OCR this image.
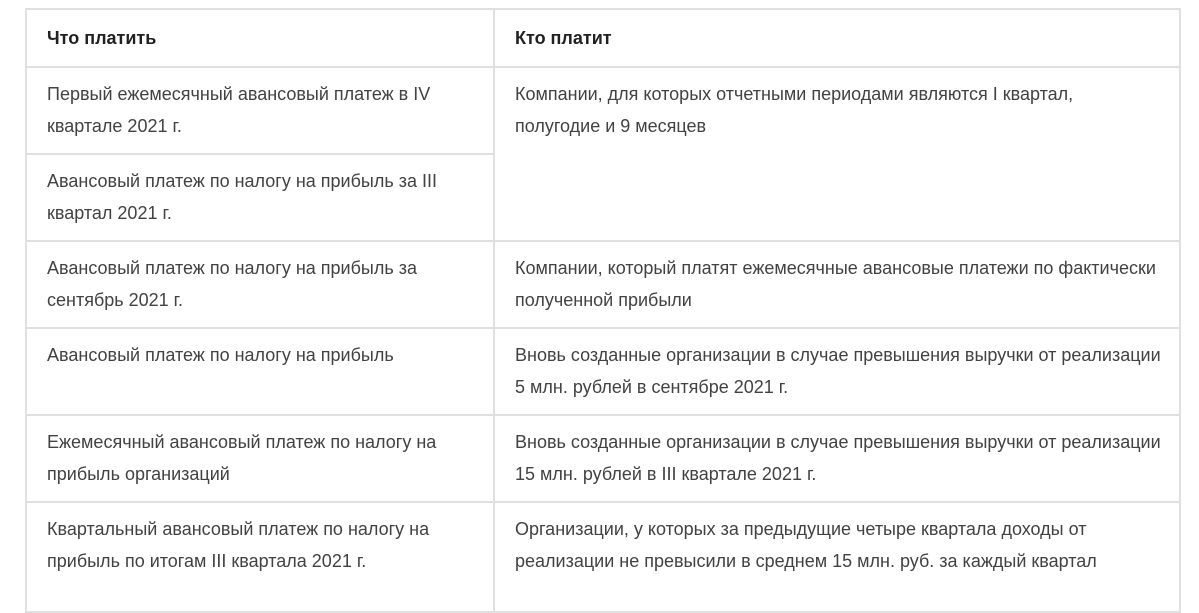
Что платить	Кто платит
Первый ежемесячный авансовый платеж в IV квартале 2021 г.	Компании, для которых отчетными периодами являются I квартал, полугодие и 9 месяцев
Авансовый платеж по налогу на прибыль за III квартал 2021 г.	
Авансовый платеж по налогу на прибыль за сентябрь 2021 г.	Компании, который платят ежемесячные авансовые платежи по фактически полученной прибыли
Авансовый платеж по налогу на прибыль	Вновь созданные организации в случае превышения выручки от реализации 5 млн. рублей в сентябре 2021 г.
Ежемесячный авансовый платеж по налогу на прибыль организаций	Вновь созданные организации в случае превышения выручки от реализации 15 млн. рублей в III квартале 2021 г.
Квартальный авансовый платеж по налогу на прибыль по итогам III квартала 2021 г.	Организации, у которых за предыдущие четыре квартала доходы от реализации не превысили в среднем 15 млн. руб. за каждый квартал
